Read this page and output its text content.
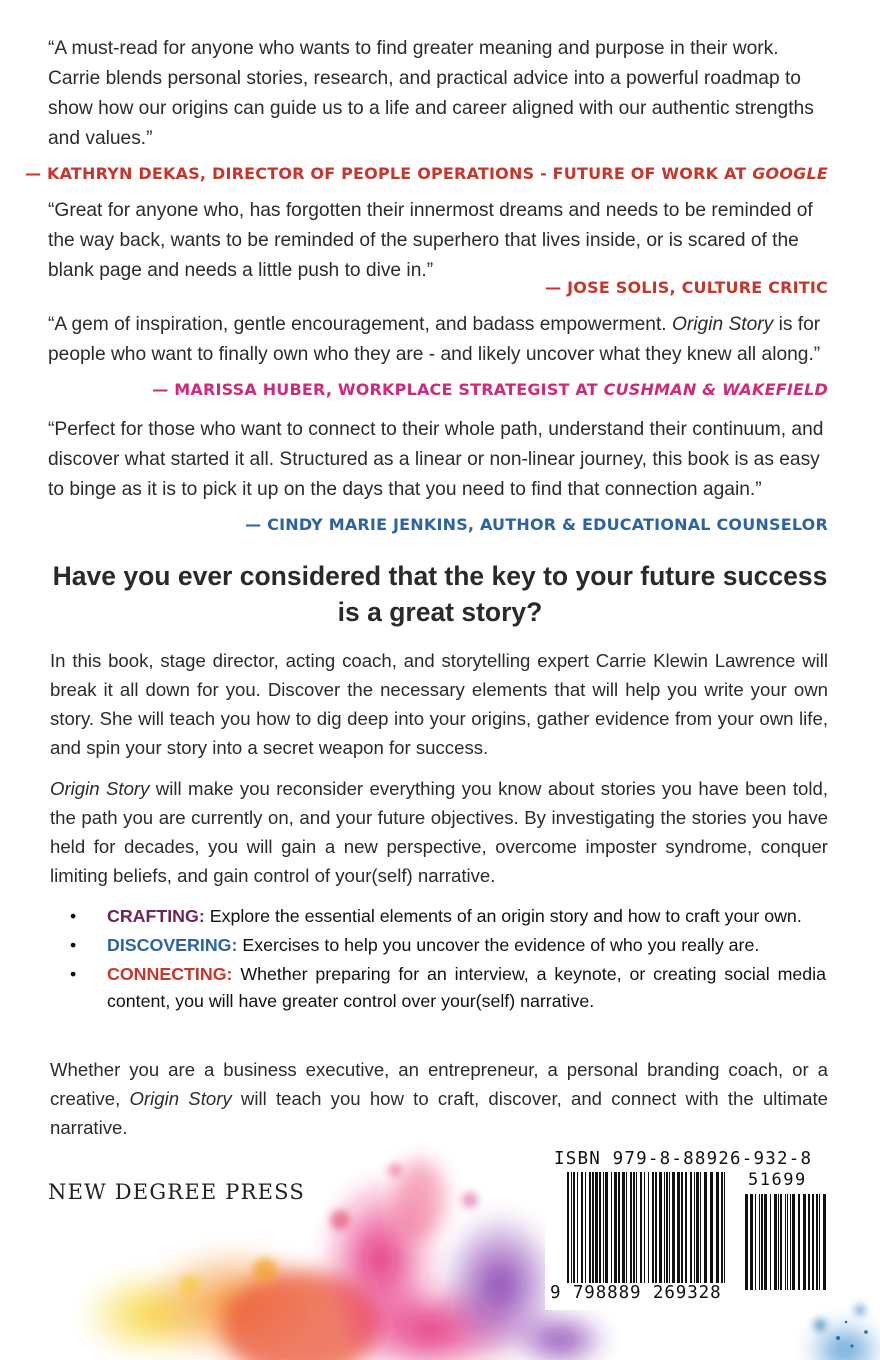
“A must-read for anyone who wants to find greater meaning and purpose in their work. Carrie blends personal stories, research, and practical advice into a powerful roadmap to show how our origins can guide us to a life and career aligned with our authentic strengths and values.”

— KATHRYN DEKAS, DIRECTOR OF PEOPLE OPERATIONS - FUTURE OF WORK AT GOOGLE

“Great for anyone who, has forgotten their innermost dreams and needs to be reminded of the way back, wants to be reminded of the superhero that lives inside, or is scared of the blank page and needs a little push to dive in.”

— JOSE SOLIS, CULTURE CRITIC

“A gem of inspiration, gentle encouragement, and badass empowerment. Origin Story is for people who want to finally own who they are - and likely uncover what they knew all along.”

— MARISSA HUBER, WORKPLACE STRATEGIST AT CUSHMAN & WAKEFIELD

“Perfect for those who want to connect to their whole path, understand their continuum, and discover what started it all. Structured as a linear or non-linear journey, this book is as easy to binge as it is to pick it up on the days that you need to find that connection again.”

— CINDY MARIE JENKINS, AUTHOR & EDUCATIONAL COUNSELOR
Have you ever considered that the key to your future success is a great story?

In this book, stage director, acting coach, and storytelling expert Carrie Klewin Lawrence will break it all down for you. Discover the necessary elements that will help you write your own story. She will teach you how to dig deep into your origins, gather evidence from your own life, and spin your story into a secret weapon for success.

Origin Story will make you reconsider everything you know about stories you have been told, the path you are currently on, and your future objectives. By investigating the stories you have held for decades, you will gain a new perspective, overcome imposter syndrome, conquer limiting beliefs, and gain control of your(self) narrative.

• CRAFTING: Explore the essential elements of an origin story and how to craft your own.
• DISCOVERING: Exercises to help you uncover the evidence of who you really are.
• CONNECTING: Whether preparing for an interview, a keynote, or creating social media content, you will have greater control over your(self) narrative.

Whether you are a business executive, an entrepreneur, a personal branding coach, or a creative, Origin Story will teach you how to craft, discover, and connect with the ultimate narrative.

NEW DEGREE PRESS
ISBN 979-8-88926-932-8
51699
9 798889 269328
